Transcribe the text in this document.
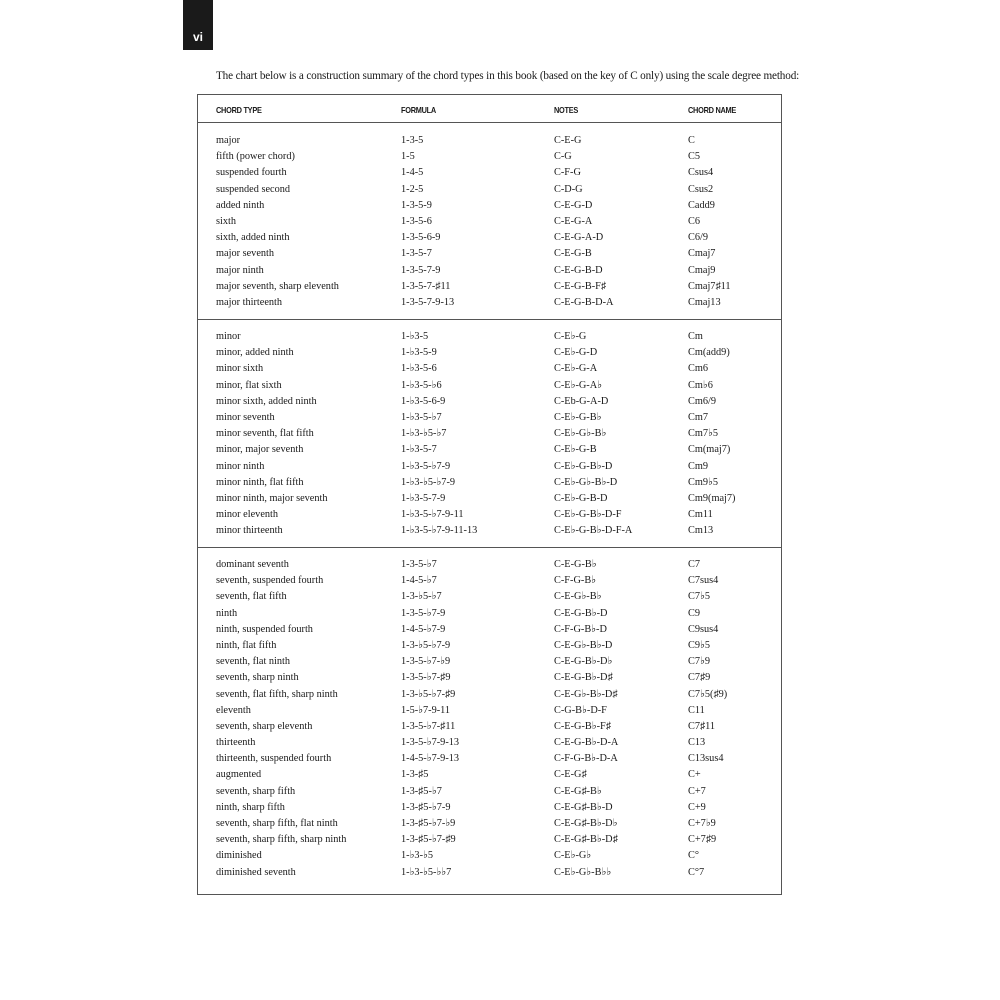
vi
The chart below is a construction summary of the chord types in this book (based on the key of C only) using the scale degree method:
CHORD TYPE	FORMULA	NOTES	CHORD NAME
major	1-3-5	C-E-G	C
fifth (power chord)	1-5	C-G	C5
suspended fourth	1-4-5	C-F-G	Csus4
suspended second	1-2-5	C-D-G	Csus2
added ninth	1-3-5-9	C-E-G-D	Cadd9
sixth	1-3-5-6	C-E-G-A	C6
sixth, added ninth	1-3-5-6-9	C-E-G-A-D	C6/9
major seventh	1-3-5-7	C-E-G-B	Cmaj7
major ninth	1-3-5-7-9	C-E-G-B-D	Cmaj9
major seventh, sharp eleventh	1-3-5-7-♯11	C-E-G-B-F♯	Cmaj7♯11
major thirteenth	1-3-5-7-9-13	C-E-G-B-D-A	Cmaj13
minor	1-♭3-5	C-E♭-G	Cm
minor, added ninth	1-♭3-5-9	C-E♭-G-D	Cm(add9)
minor sixth	1-♭3-5-6	C-E♭-G-A	Cm6
minor, flat sixth	1-♭3-5-♭6	C-E♭-G-A♭	Cm♭6
minor sixth, added ninth	1-♭3-5-6-9	C-Eb-G-A-D	Cm6/9
minor seventh	1-♭3-5-♭7	C-E♭-G-B♭	Cm7
minor seventh, flat fifth	1-♭3-♭5-♭7	C-E♭-G♭-B♭	Cm7♭5
minor, major seventh	1-♭3-5-7	C-E♭-G-B	Cm(maj7)
minor ninth	1-♭3-5-♭7-9	C-E♭-G-B♭-D	Cm9
minor ninth, flat fifth	1-♭3-♭5-♭7-9	C-E♭-G♭-B♭-D	Cm9♭5
minor ninth, major seventh	1-♭3-5-7-9	C-E♭-G-B-D	Cm9(maj7)
minor eleventh	1-♭3-5-♭7-9-11	C-E♭-G-B♭-D-F	Cm11
minor thirteenth	1-♭3-5-♭7-9-11-13	C-E♭-G-B♭-D-F-A	Cm13
dominant seventh	1-3-5-♭7	C-E-G-B♭	C7
seventh, suspended fourth	1-4-5-♭7	C-F-G-B♭	C7sus4
seventh, flat fifth	1-3-♭5-♭7	C-E-G♭-B♭	C7♭5
ninth	1-3-5-♭7-9	C-E-G-B♭-D	C9
ninth, suspended fourth	1-4-5-♭7-9	C-F-G-B♭-D	C9sus4
ninth, flat fifth	1-3-♭5-♭7-9	C-E-G♭-B♭-D	C9♭5
seventh, flat ninth	1-3-5-♭7-♭9	C-E-G-B♭-D♭	C7♭9
seventh, sharp ninth	1-3-5-♭7-♯9	C-E-G-B♭-D♯	C7♯9
seventh, flat fifth, sharp ninth	1-3-♭5-♭7-♯9	C-E-G♭-B♭-D♯	C7♭5(♯9)
eleventh	1-5-♭7-9-11	C-G-B♭-D-F	C11
seventh, sharp eleventh	1-3-5-♭7-♯11	C-E-G-B♭-F♯	C7♯11
thirteenth	1-3-5-♭7-9-13	C-E-G-B♭-D-A	C13
thirteenth, suspended fourth	1-4-5-♭7-9-13	C-F-G-B♭-D-A	C13sus4
augmented	1-3-♯5	C-E-G♯	C+
seventh, sharp fifth	1-3-♯5-♭7	C-E-G♯-B♭	C+7
ninth, sharp fifth	1-3-♯5-♭7-9	C-E-G♯-B♭-D	C+9
seventh, sharp fifth, flat ninth	1-3-♯5-♭7-♭9	C-E-G♯-B♭-D♭	C+7♭9
seventh, sharp fifth, sharp ninth	1-3-♯5-♭7-♯9	C-E-G♯-B♭-D♯	C+7♯9
diminished	1-♭3-♭5	C-E♭-G♭	C°
diminished seventh	1-♭3-♭5-♭♭7	C-E♭-G♭-B♭♭	C°7
